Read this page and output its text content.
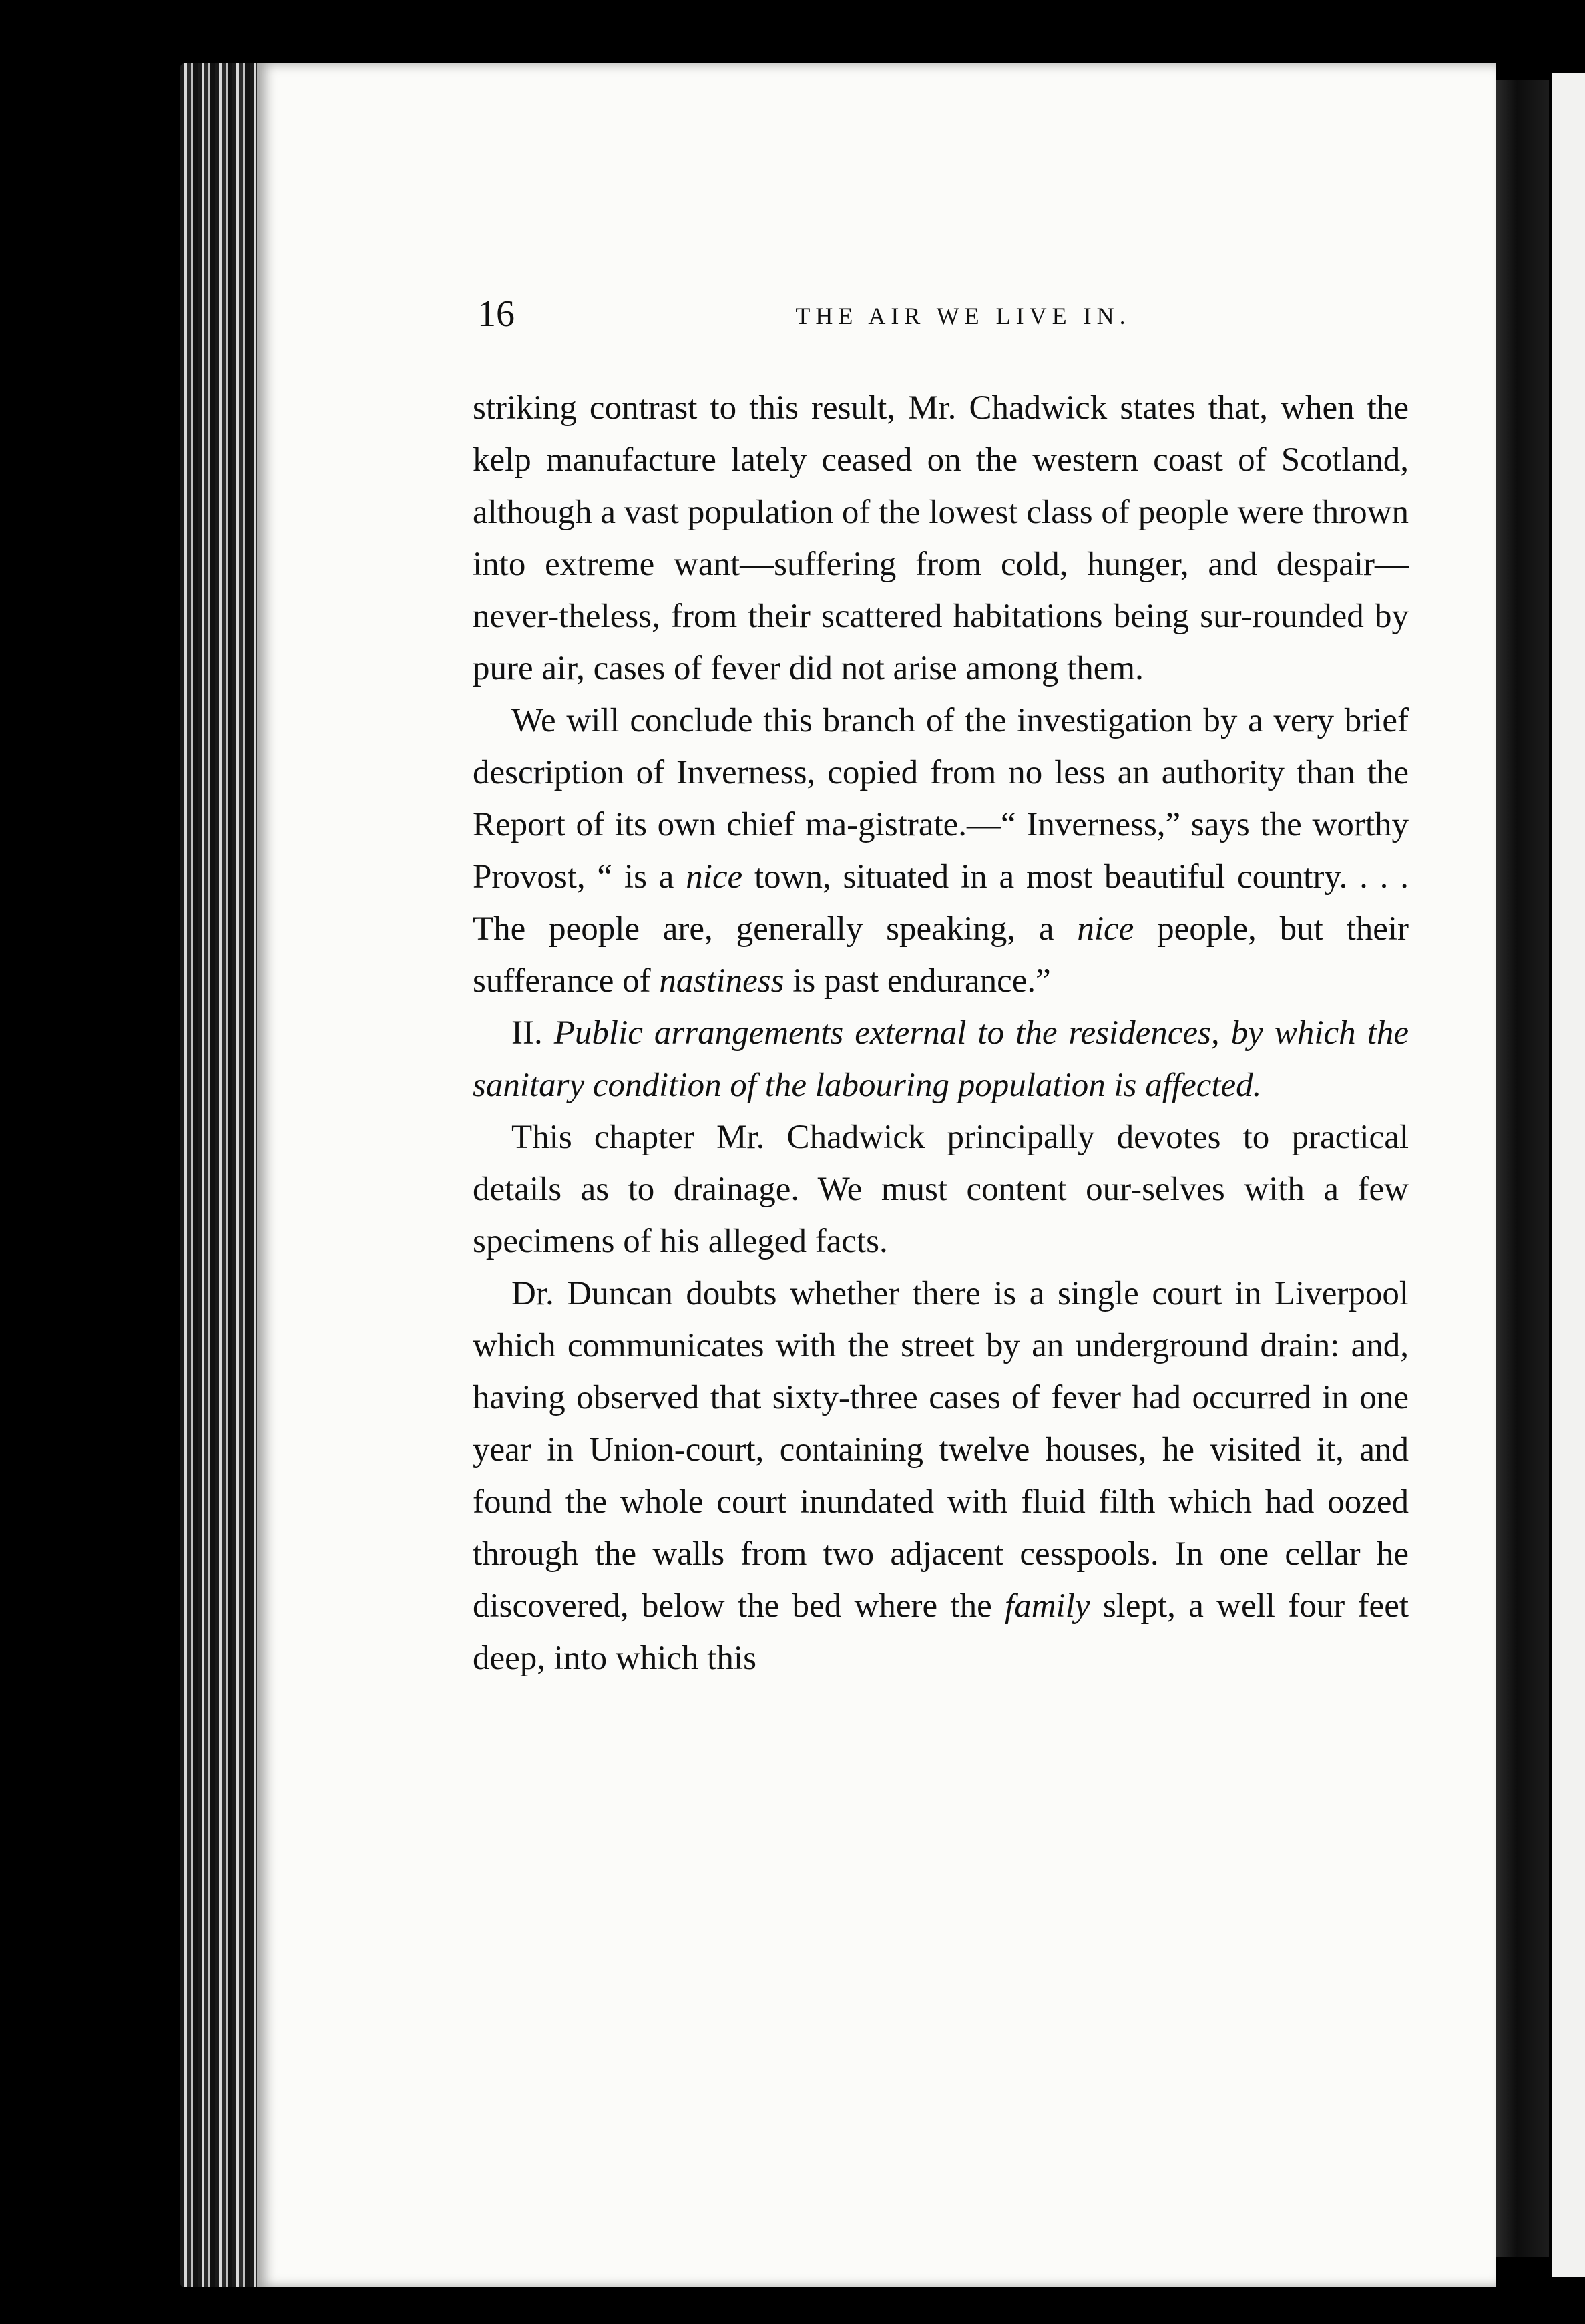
16	THE AIR WE LIVE IN.

striking contrast to this result, Mr. Chadwick states that, when the kelp manufacture lately ceased on the western coast of Scotland, although a vast population of the lowest class of people were thrown into extreme want—suffering from cold, hunger, and despair—never-theless, from their scattered habitations being sur-rounded by pure air, cases of fever did not arise among them.

We will conclude this branch of the investigation by a very brief description of Inverness, copied from no less an authority than the Report of its own chief ma-gistrate.—“ Inverness,” says the worthy Provost, “ is a nice town, situated in a most beautiful country. . . . The people are, generally speaking, a nice people, but their sufferance of nastiness is past endurance.”

II. Public arrangements external to the residences, by which the sanitary condition of the labouring population is affected.

This chapter Mr. Chadwick principally devotes to practical details as to drainage. We must content our-selves with a few specimens of his alleged facts.

Dr. Duncan doubts whether there is a single court in Liverpool which communicates with the street by an underground drain: and, having observed that sixty-three cases of fever had occurred in one year in Union-court, containing twelve houses, he visited it, and found the whole court inundated with fluid filth which had oozed through the walls from two adjacent cesspools. In one cellar he discovered, below the bed where the family slept, a well four feet deep, into which this
